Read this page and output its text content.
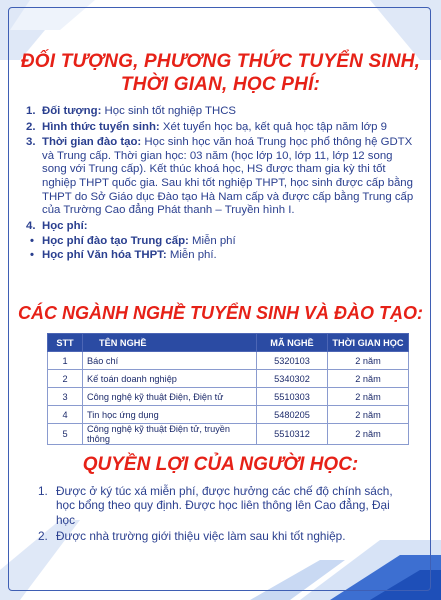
ĐỐI TƯỢNG, PHƯƠNG THỨC TUYỂN SINH,
THỜI GIAN, HỌC PHÍ:
1. Đối tượng: Học sinh tốt nghiệp THCS
2. Hình thức tuyển sinh: Xét tuyển học bạ, kết quả học tập năm lớp 9
3. Thời gian đào tạo: Học sinh học văn hoá Trung học phổ thông hệ GDTX và Trung cấp. Thời gian học: 03 năm (học lớp 10, lớp 11, lớp 12 song song với Trung cấp). Kết thúc khoá học, HS được tham gia kỳ thi tốt nghiệp THPT quốc gia. Sau khi tốt nghiệp THPT, học sinh được cấp bằng THPT do Sở Giáo dục Đào tạo Hà Nam cấp và được cấp bằng Trung cấp của Trường Cao đẳng Phát thanh – Truyền hình I.
4. Học phí:
• Học phí đào tạo Trung cấp: Miễn phí
• Học phí Văn hóa THPT: Miễn phí.
CÁC NGÀNH NGHỀ TUYỂN SINH VÀ ĐÀO TẠO:
STT	TÊN NGHỀ	MÃ NGHỀ	THỜI GIAN HỌC
1	Báo chí	5320103	2 năm
2	Kế toán doanh nghiệp	5340302	2 năm
3	Công nghệ kỹ thuật Điện, Điện tử	5510303	2 năm
4	Tin học ứng dụng	5480205	2 năm
5	Công nghệ kỹ thuật Điện tử, truyền thông	5510312	2 năm
QUYỀN LỢI CỦA NGƯỜI HỌC:
1. Được ở ký túc xá miễn phí, được hưởng các chế độ chính sách, học bổng theo quy định. Được học liên thông lên Cao đẳng, Đại học
2. Được nhà trường giới thiệu việc làm sau khi tốt nghiệp.
